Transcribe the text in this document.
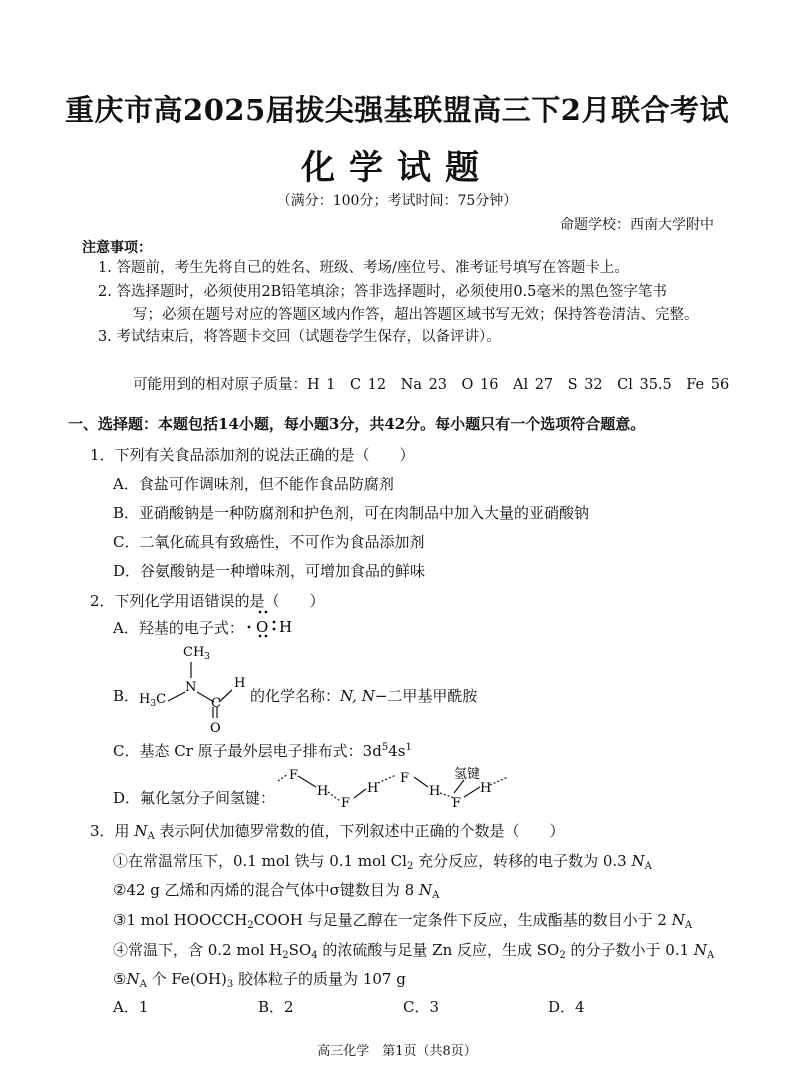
重庆市高2025届拔尖强基联盟高三下2月联合考试
化学试题
（满分：100分；考试时间：75分钟）
命题学校：西南大学附中
注意事项：
1. 答题前，考生先将自己的姓名、班级、考场/座位号、准考证号填写在答题卡上。
2. 答选择题时，必须使用2B铅笔填涂；答非选择题时，必须使用0.5毫米的黑色签字笔书
写；必须在题号对应的答题区域内作答，超出答题区域书写无效；保持答卷清洁、完整。
3. 考试结束后，将答题卡交回（试题卷学生保存，以备评讲）。
可能用到的相对原子质量：H 1　C 12　Na 23　O 16　Al 27　S 32　Cl 35.5　Fe 56
一、选择题：本题包括14小题，每小题3分，共42分。每小题只有一个选项符合题意。
1．下列有关食品添加剂的说法正确的是（　　）
A．食盐可作调味剂，但不能作食品防腐剂
B．亚硝酸钠是一种防腐剂和护色剂，可在肉制品中加入大量的亚硝酸钠
C．二氧化硫具有致癌性，不可作为食品添加剂
D．谷氨酸钠是一种增味剂，可增加食品的鲜味
2．下列化学用语错误的是（　　）
A．羟基的电子式： O H
B．
$CH_3$
N
$H_3C$	C
H
O
的化学名称：N, N−二甲基甲酰胺
C．基态 Cr 原子最外层电子排布式：$3d^54s^1$
D．氟化氢分子间氢键：
F
H
F
H
F
H
F
H
氢键
3．用 $N_A$ 表示阿伏加德罗常数的值，下列叙述中正确的个数是（　　）
①在常温常压下，0.1 mol 铁与 0.1 mol $Cl_2$ 充分反应，转移的电子数为 0.3 $N_A$
②42 g 乙烯和丙烯的混合气体中σ键数目为 8 $N_A$
③1 mol $HOOCCH_2COOH$ 与足量乙醇在一定条件下反应，生成酯基的数目小于 2 $N_A$
④常温下，含 0.2 mol $H_2SO_4$ 的浓硫酸与足量 Zn 反应，生成 $SO_2$ 的分子数小于 0.1 $N_A$
$⑤N_A$ 个 $Fe(OH)_3$ 胶体粒子的质量为 107 g
A．1	B．2	C．3	D．4
高三化学　第1页（共8页）
